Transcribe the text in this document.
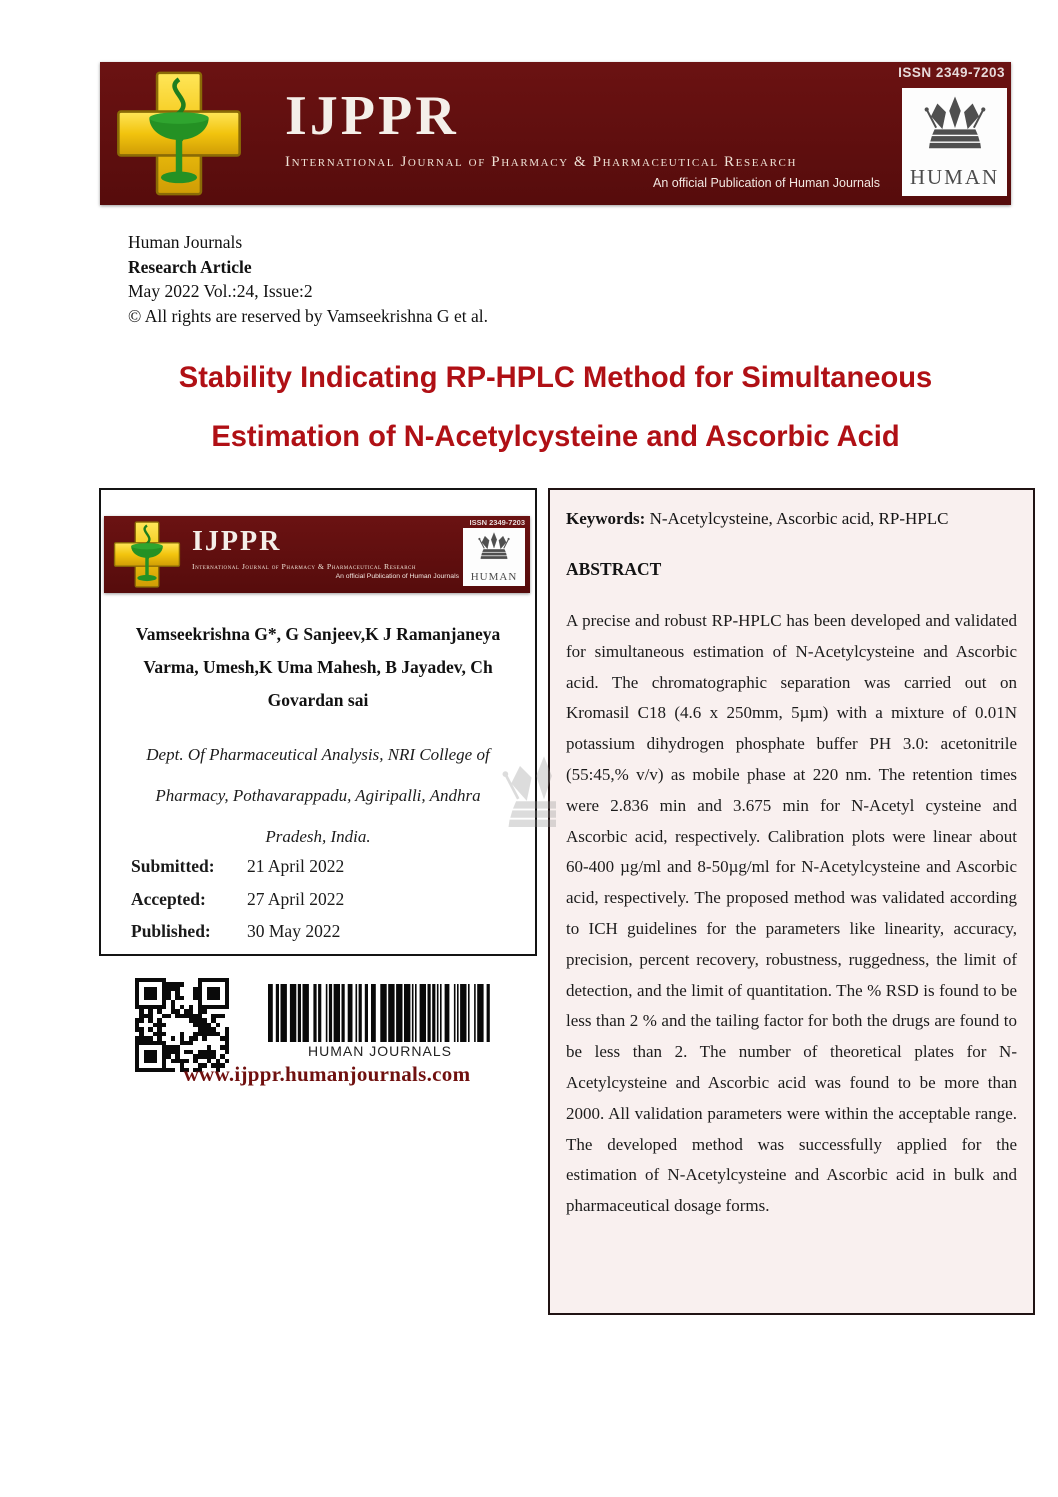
IJPPR
International Journal of Pharmacy & Pharmaceutical Research
An official Publication of Human Journals
ISSN 2349-7203
HUMAN
Human Journals
Research Article
May 2022 Vol.:24, Issue:2
© All rights are reserved by Vamseekrishna G et al.
Stability Indicating RP-HPLC Method for Simultaneous
Estimation of N-Acetylcysteine and Ascorbic Acid
IJPPR
International Journal of Pharmacy & Pharmaceutical Research
An official Publication of Human Journals
ISSN 2349-7203
HUMAN
Vamseekrishna G*, G Sanjeev,K J Ramanjaneya Varma, Umesh,K Uma Mahesh, B Jayadev, Ch Govardan sai
Dept. Of Pharmaceutical Analysis, NRI College of Pharmacy, Pothavarappadu, Agiripalli, Andhra Pradesh, India.
Submitted:	21 April 2022
Accepted:	27 April 2022
Published:	30 May 2022
HUMAN JOURNALS
www.ijppr.humanjournals.com
Keywords: N-Acetylcysteine, Ascorbic acid, RP-HPLC
ABSTRACT
A precise and robust RP-HPLC has been developed and validated for simultaneous estimation of N-Acetylcysteine and Ascorbic acid. The chromatographic separation was carried out on Kromasil C18 (4.6 x 250mm, 5µm) with a mixture of 0.01N potassium dihydrogen phosphate buffer PH 3.0: acetonitrile (55:45,% v/v) as mobile phase at 220 nm. The retention times were 2.836 min and 3.675 min for N-Acetyl cysteine and Ascorbic acid, respectively. Calibration plots were linear about 60-400 µg/ml and 8-50µg/ml for N-Acetylcysteine and Ascorbic acid, respectively. The proposed method was validated according to ICH guidelines for the parameters like linearity, accuracy, precision, percent recovery, robustness, ruggedness, the limit of detection, and the limit of quantitation. The % RSD is found to be less than 2 % and the tailing factor for both the drugs are found to be less than 2. The number of theoretical plates for N-Acetylcysteine and Ascorbic acid was found to be more than 2000. All validation parameters were within the acceptable range. The developed method was successfully applied for the estimation of N-Acetylcysteine and Ascorbic acid in bulk and pharmaceutical dosage forms.
